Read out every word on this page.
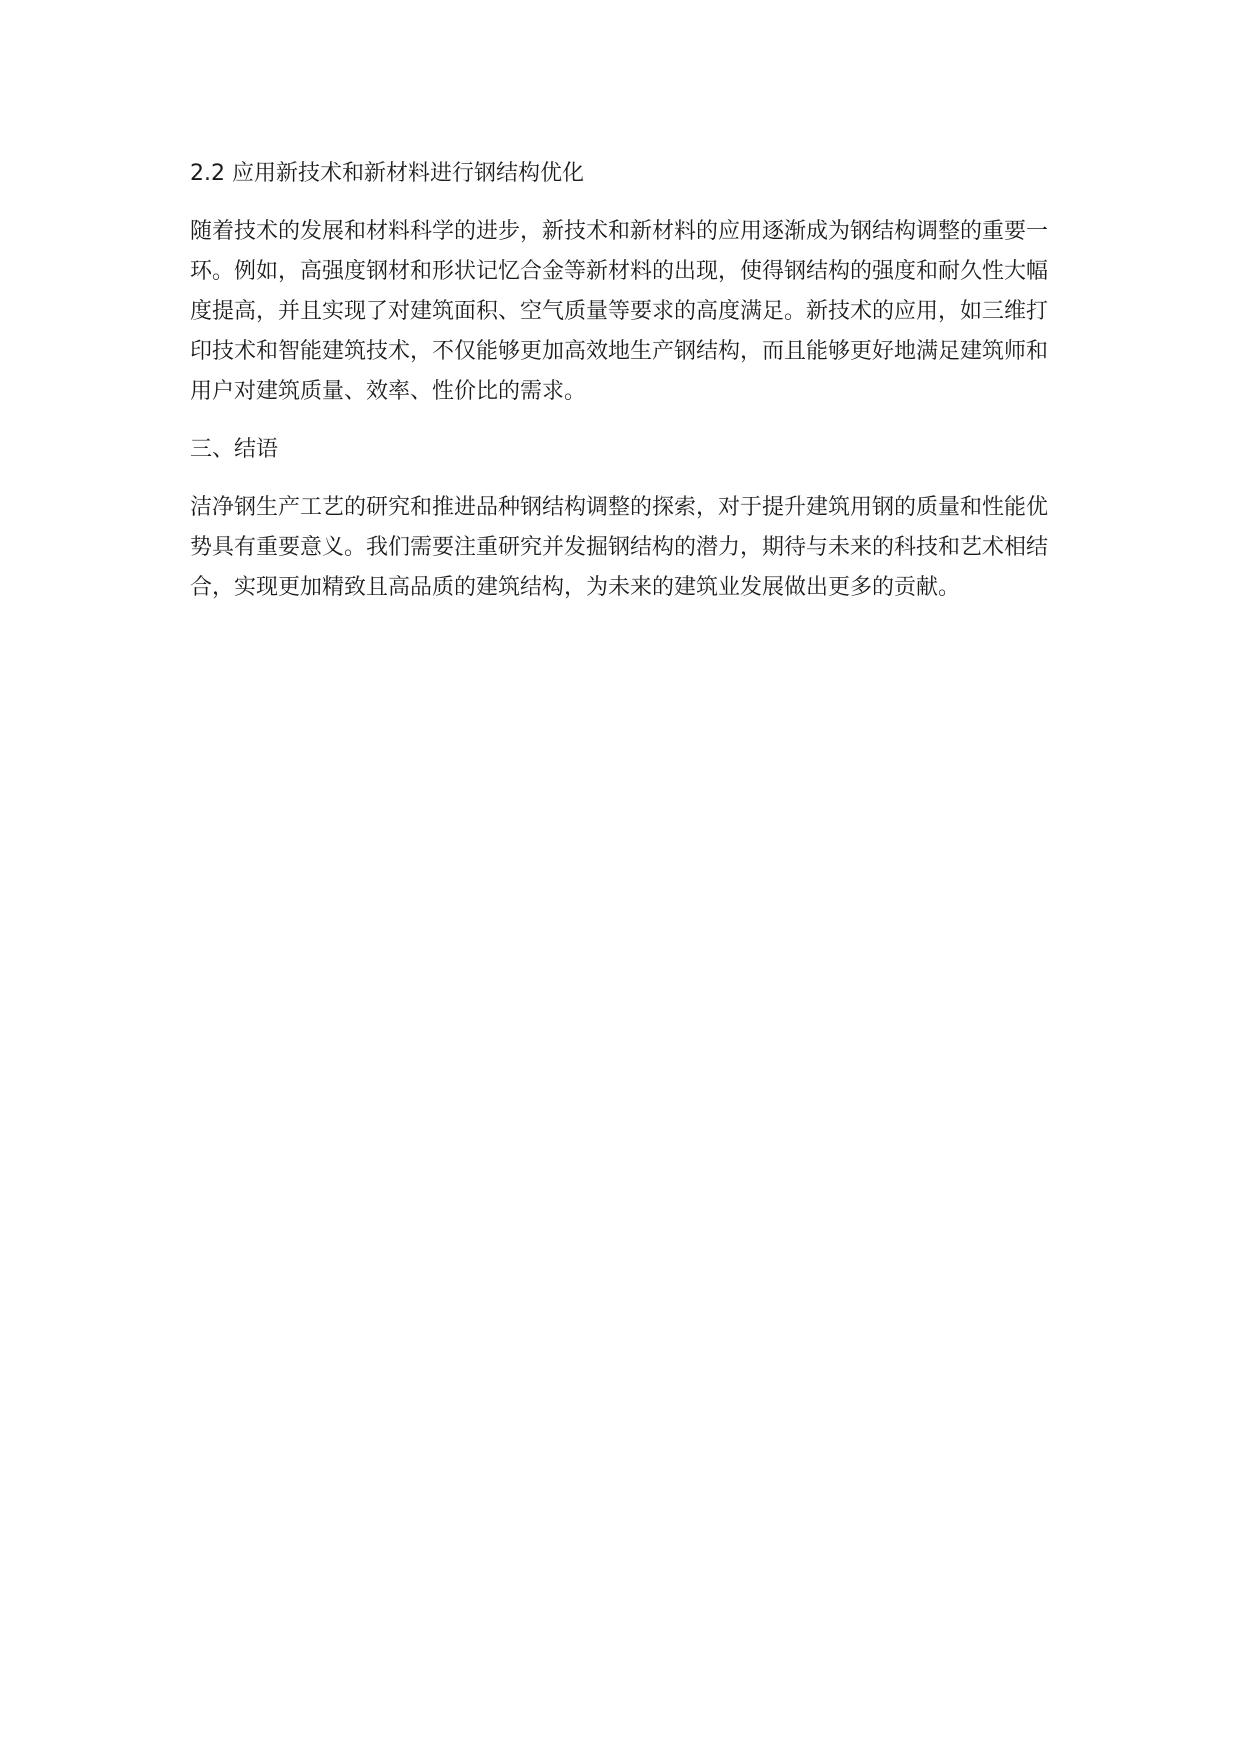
2.2 应用新技术和新材料进行钢结构优化

随着技术的发展和材料科学的进步，新技术和新材料的应用逐渐成为钢结构调整的重要一环。例如，高强度钢材和形状记忆合金等新材料的出现，使得钢结构的强度和耐久性大幅度提高，并且实现了对建筑面积、空气质量等要求的高度满足。新技术的应用，如三维打印技术和智能建筑技术，不仅能够更加高效地生产钢结构，而且能够更好地满足建筑师和用户对建筑质量、效率、性价比的需求。

三、结语

洁净钢生产工艺的研究和推进品种钢结构调整的探索，对于提升建筑用钢的质量和性能优势具有重要意义。我们需要注重研究并发掘钢结构的潜力，期待与未来的科技和艺术相结合，实现更加精致且高品质的建筑结构，为未来的建筑业发展做出更多的贡献。
